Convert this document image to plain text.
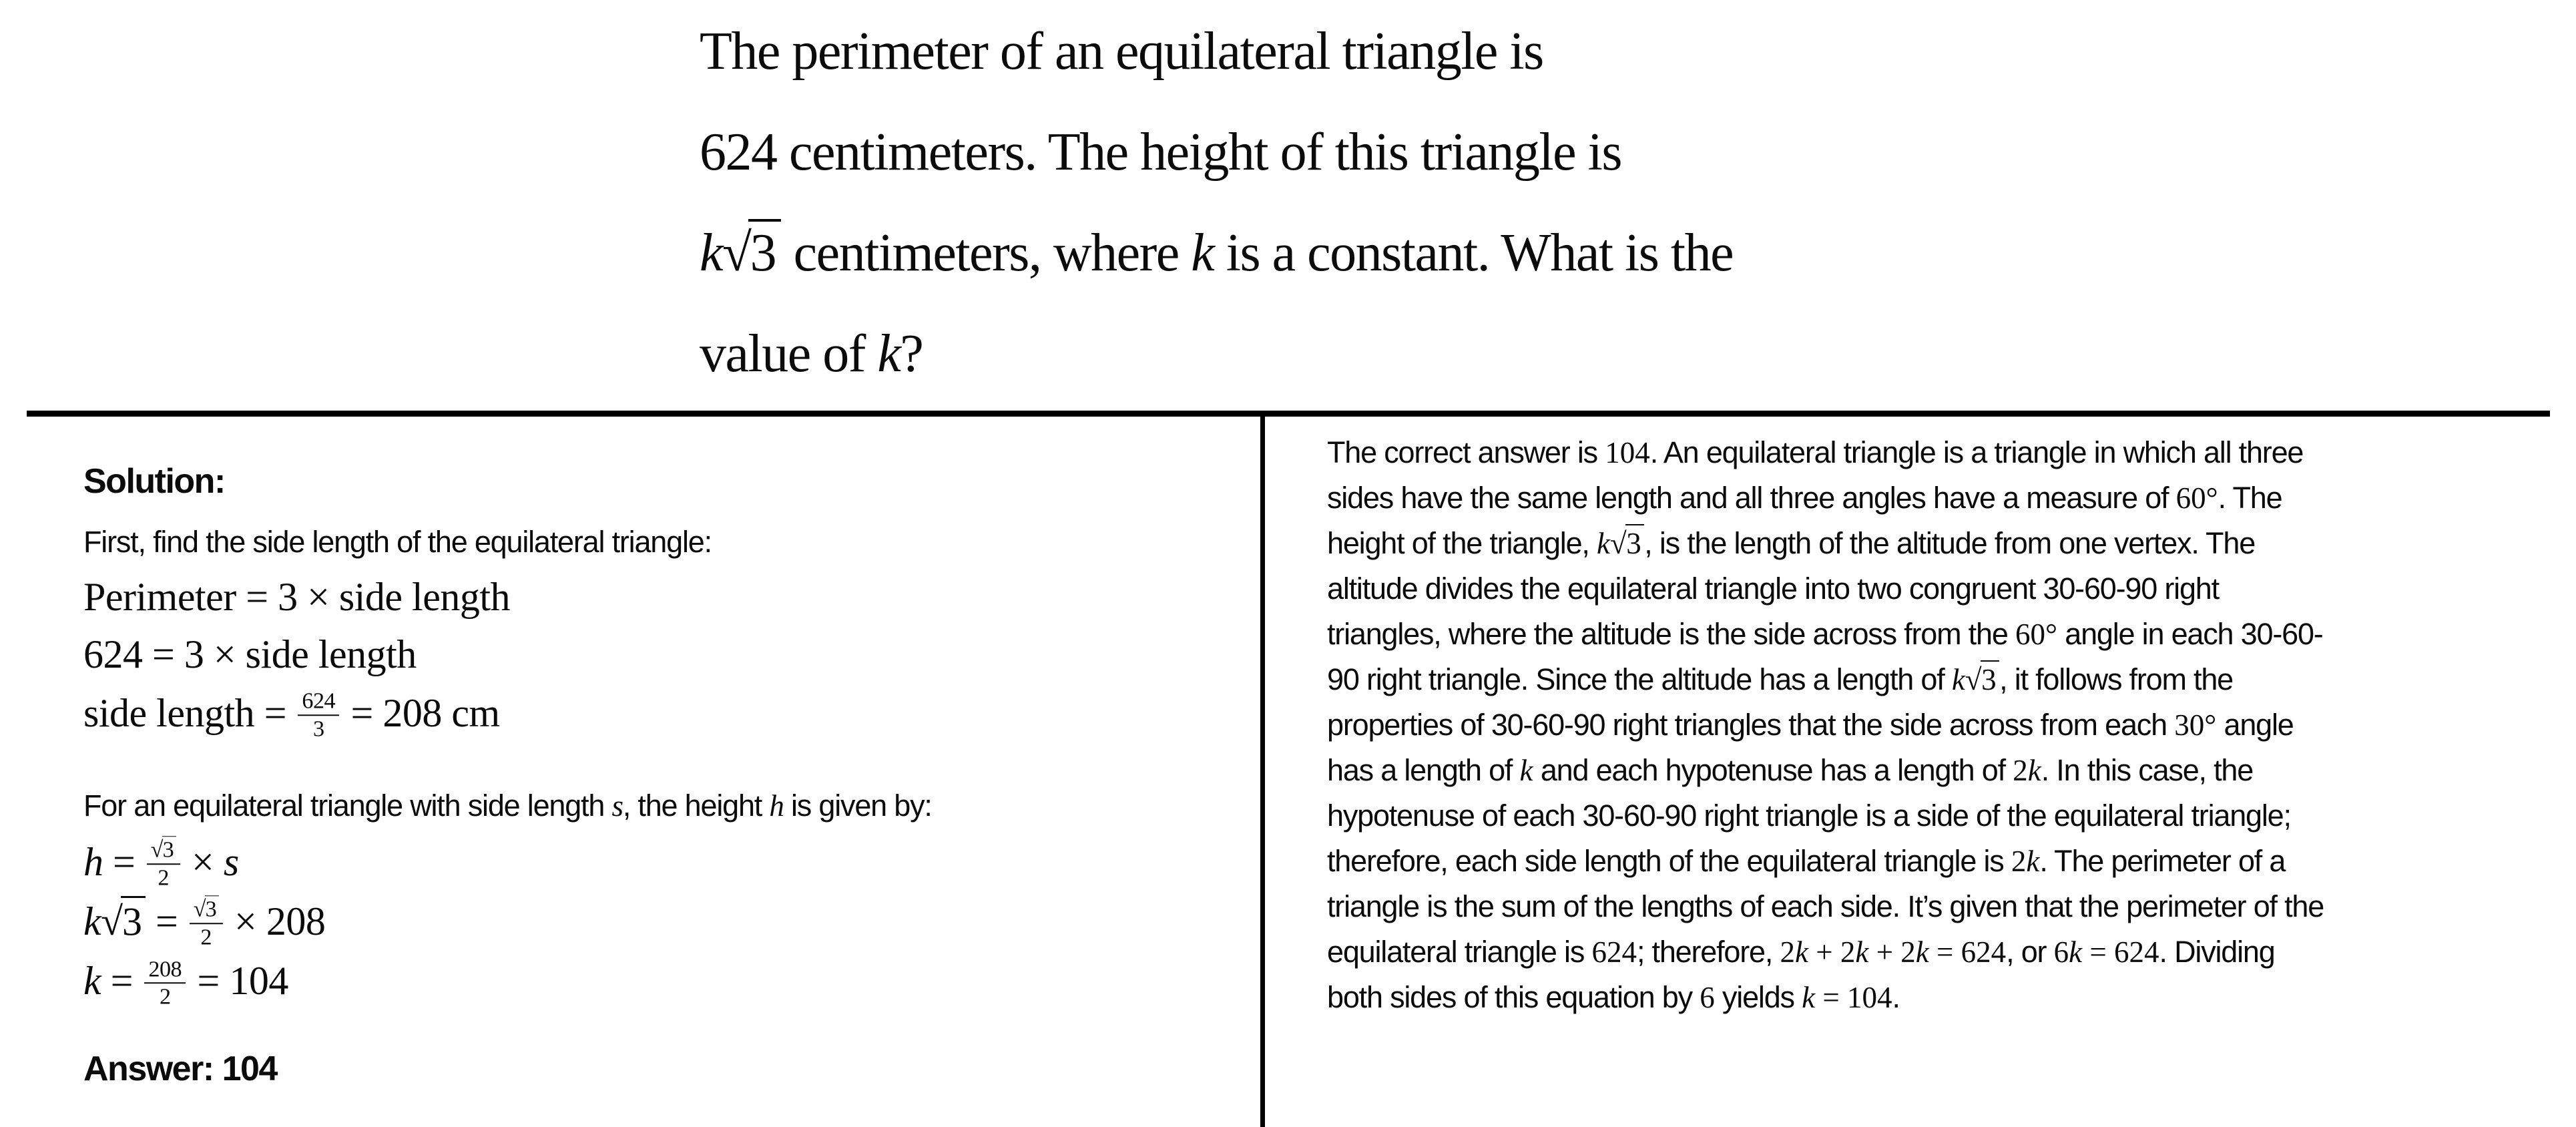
The perimeter of an equilateral triangle is
624 centimeters. The height of this triangle is
k√3 centimeters, where k is a constant. What is the
value of k?
Solution:
First, find the side length of the equilateral triangle:
Perimeter = 3 × side length
624 = 3 × side length
side length = $\frac{624}{3} = 208$ cm
For an equilateral triangle with side length s, the height h is given by:
$h = \frac{√3}{2} \times s$
$k√3 = \frac{√3}{2} \times 208$
$k = \frac{208}{2} = 104$
Answer: 104
The correct answer is 104. An equilateral triangle is a triangle in which all three
sides have the same length and all three angles have a measure of 60°. The
height of the triangle, k√3 , is the length of the altitude from one vertex. The
altitude divides the equilateral triangle into two congruent 30-60-90 right
triangles, where the altitude is the side across from the 60° angle in each 30-60-
90 right triangle. Since the altitude has a length of k√3 , it follows from the
properties of 30-60-90 right triangles that the side across from each 30° angle
has a length of k and each hypotenuse has a length of 2k. In this case, the
hypotenuse of each 30-60-90 right triangle is a side of the equilateral triangle;
therefore, each side length of the equilateral triangle is 2k. The perimeter of a
triangle is the sum of the lengths of each side. It’s given that the perimeter of the
equilateral triangle is 624; therefore, 2k + 2k + 2k = 624, or 6k = 624. Dividing
both sides of this equation by 6 yields k = 104.
